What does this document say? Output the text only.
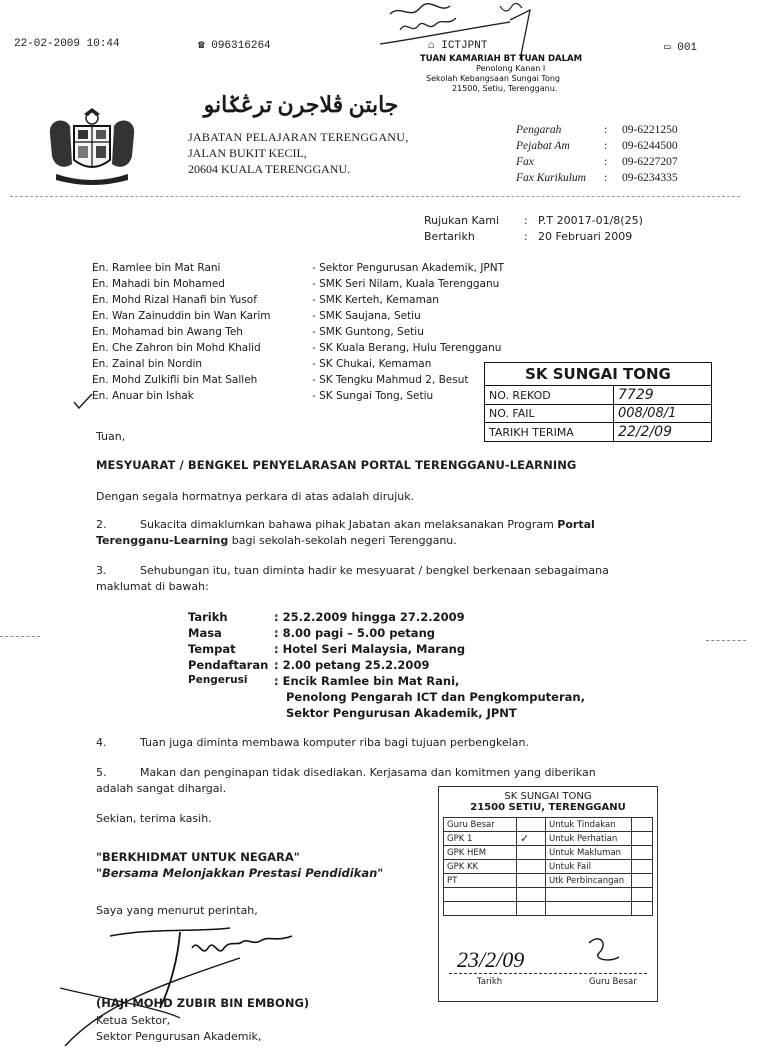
22-02-2009 10:44	☎ 096316264	⌂ ICTJPNT	▭ 001
TUAN KAMARIAH BT TUAN DALAM
Penolong Kanan I
Sekolah Kebangsaan Sungai Tong
21500, Setiu, Terengganu.
جابتن ڤلاجرن ترڠݢانو
JABATAN PELAJARAN TERENGGANU,
JALAN BUKIT KECIL,
20604 KUALA TERENGGANU.
Pengarah	: 09-6221250
Pejabat Am	: 09-6244500
Fax	: 09-6227207
Fax Kurikulum : 09-6234335
Rujukan Kami : P.T 20017-01/8(25)
Bertarikh	: 20 Februari 2009
En. Ramlee bin Mat Rani	- Sektor Pengurusan Akademik, JPNT
En. Mahadi bin Mohamed	- SMK Seri Nilam, Kuala Terengganu
En. Mohd Rizal Hanafi bin Yusof	- SMK Kerteh, Kemaman
En. Wan Zainuddin bin Wan Karim	- SMK Saujana, Setiu
En. Mohamad bin Awang Teh	- SMK Guntong, Setiu
En. Che Zahron bin Mohd Khalid	- SK Kuala Berang, Hulu Terengganu
En. Zainal bin Nordin	- SK Chukai, Kemaman
En. Mohd Zulkifli bin Mat Salleh	- SK Tengku Mahmud 2, Besut
En. Anuar bin Ishak	- SK Sungai Tong, Setiu
SK SUNGAI TONG	
NO. REKOD	7729
NO. FAIL	008/08/1
TARIKH TERIMA	22/2/09
Tuan,
MESYUARAT / BENGKEL PENYELARASAN PORTAL TERENGGANU-LEARNING
Dengan segala hormatnya perkara di atas adalah dirujuk.
2.	Sukacita dimaklumkan bahawa pihak Jabatan akan melaksanakan Program Portal
Terengganu-Learning bagi sekolah-sekolah negeri Terengganu.
3.	Sehubungan itu, tuan diminta hadir ke mesyuarat / bengkel berkenaan sebagaimana
maklumat di bawah:
Tarikh	: 25.2.2009 hingga 27.2.2009
Masa	: 8.00 pagi – 5.00 petang
Tempat	: Hotel Seri Malaysia, Marang
Pendaftaran : 2.00 petang 25.2.2009
Pengerusi : Encik Ramlee bin Mat Rani,
Penolong Pengarah ICT dan Pengkomputeran,
Sektor Pengurusan Akademik, JPNT
4.	Tuan juga diminta membawa komputer riba bagi tujuan perbengkelan.
5.	Makan dan penginapan tidak disediakan. Kerjasama dan komitmen yang diberikan
adalah sangat dihargai.
Sekian, terima kasih.
"BERKHIDMAT UNTUK NEGARA"
"Bersama Melonjakkan Prestasi Pendidikan"
Saya yang menurut perintah,
(HAJI MOHD ZUBIR BIN EMBONG)
Ketua Sektor,
Sektor Pengurusan Akademik,
SK SUNGAI TONG
21500 SETIU, TERENGGANU
Guru Besar		Untuk Tindakan	
GPK 1	✓	Untuk Perhatian	
GPK HEM		Untuk Makluman	
GPK KK		Untuk Fail	
PT		Utk Perbincangan	

23/2/09
Tarikh	Guru Besar
